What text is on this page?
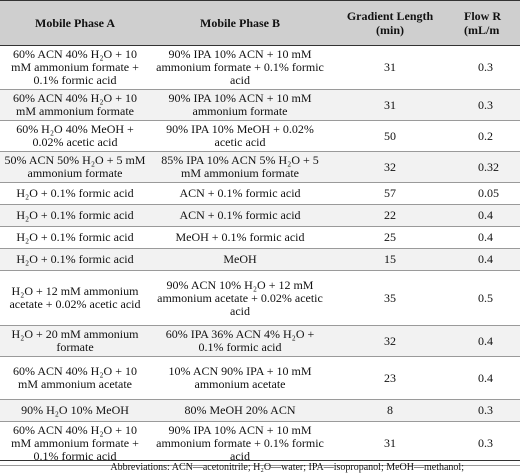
Mobile Phase A	Mobile Phase B	Gradient Length (min)	Flow R (mL/m
60% ACN 40% H₂O + 10 mM ammonium formate + 0.1% formic acid	90% IPA 10% ACN + 10 mM ammonium formate + 0.1% formic acid	31	0.3
60% ACN 40% H₂O + 10 mM ammonium formate	90% IPA 10% ACN + 10 mM ammonium formate	31	0.3
60% H₂O 40% MeOH + 0.02% acetic acid	90% IPA 10% MeOH + 0.02% acetic acid	50	0.2
50% ACN 50% H₂O + 5 mM ammonium formate	85% IPA 10% ACN 5% H₂O + 5 mM ammonium formate	32	0.32
H₂O + 0.1% formic acid	ACN + 0.1% formic acid	57	0.05
H₂O + 0.1% formic acid	ACN + 0.1% formic acid	22	0.4
H₂O + 0.1% formic acid	MeOH + 0.1% formic acid	25	0.4
H₂O + 0.1% formic acid	MeOH	15	0.4
H₂O + 12 mM ammonium acetate + 0.02% acetic acid	90% ACN 10% H₂O + 12 mM ammonium acetate + 0.02% acetic acid	35	0.5
H₂O + 20 mM ammonium formate	60% IPA 36% ACN 4% H₂O + 0.1% formic acid	32	0.4
60% ACN 40% H₂O + 10 mM ammonium acetate	10% ACN 90% IPA + 10 mM ammonium acetate	23	0.4
90% H₂O 10% MeOH	80% MeOH 20% ACN	8	0.3
60% ACN 40% H₂O + 10 mM ammonium formate + 0.1% formic acid	90% IPA 10% ACN + 10 mM ammonium formate + 0.1% formic acid	31	0.3
Abbreviations: ACN—acetonitrile; H₂O—water; IPA—isopropanol; MeOH—methanol;
